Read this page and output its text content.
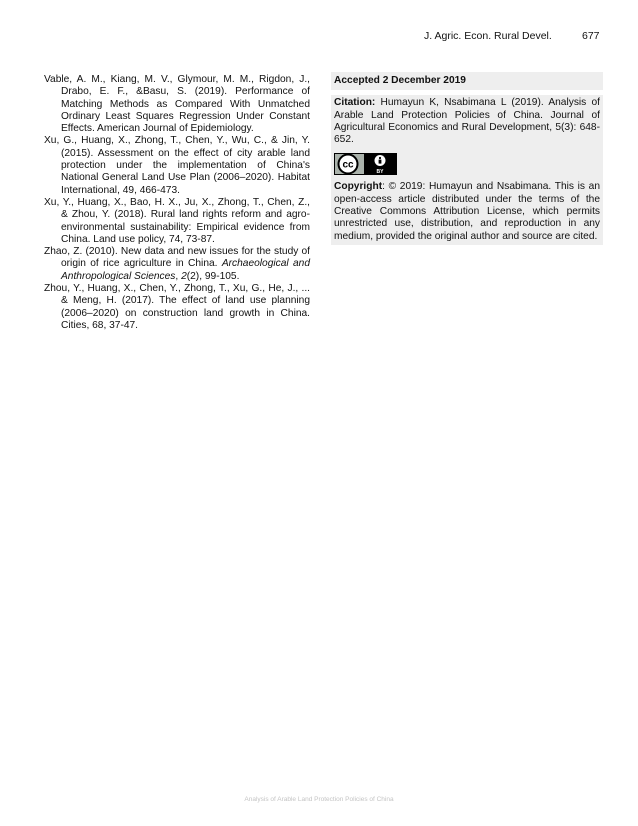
J. Agric. Econ. Rural Devel.	677

Vable, A. M., Kiang, M. V., Glymour, M. M., Rigdon, J., Drabo, E. F., &Basu, S. (2019). Performance of Matching Methods as Compared With Unmatched Ordinary Least Squares Regression Under Constant Effects. American Journal of Epidemiology.

Xu, G., Huang, X., Zhong, T., Chen, Y., Wu, C., & Jin, Y. (2015). Assessment on the effect of city arable land protection under the implementation of China's National General Land Use Plan (2006–2020). Habitat International, 49, 466-473.

Xu, Y., Huang, X., Bao, H. X., Ju, X., Zhong, T., Chen, Z., & Zhou, Y. (2018). Rural land rights reform and agro-environmental sustainability: Empirical evidence from China. Land use policy, 74, 73-87.

Zhao, Z. (2010). New data and new issues for the study of origin of rice agriculture in China. Archaeological and Anthropological Sciences, 2(2), 99-105.

Zhou, Y., Huang, X., Chen, Y., Zhong, T., Xu, G., He, J., ... & Meng, H. (2017). The effect of land use planning (2006–2020) on construction land growth in China. Cities, 68, 37-47.

Accepted 2 December 2019
Citation: Humayun K, Nsabimana L (2019). Analysis of Arable Land Protection Policies of China. Journal of Agricultural Economics and Rural Development, 5(3): 648-652.
cc
BY
Copyright: © 2019: Humayun and Nsabimana. This is an open-access article distributed under the terms of the Creative Commons Attribution License, which permits unrestricted use, distribution, and reproduction in any medium, provided the original author and source are cited.
Analysis of Arable Land Protection Policies of China
